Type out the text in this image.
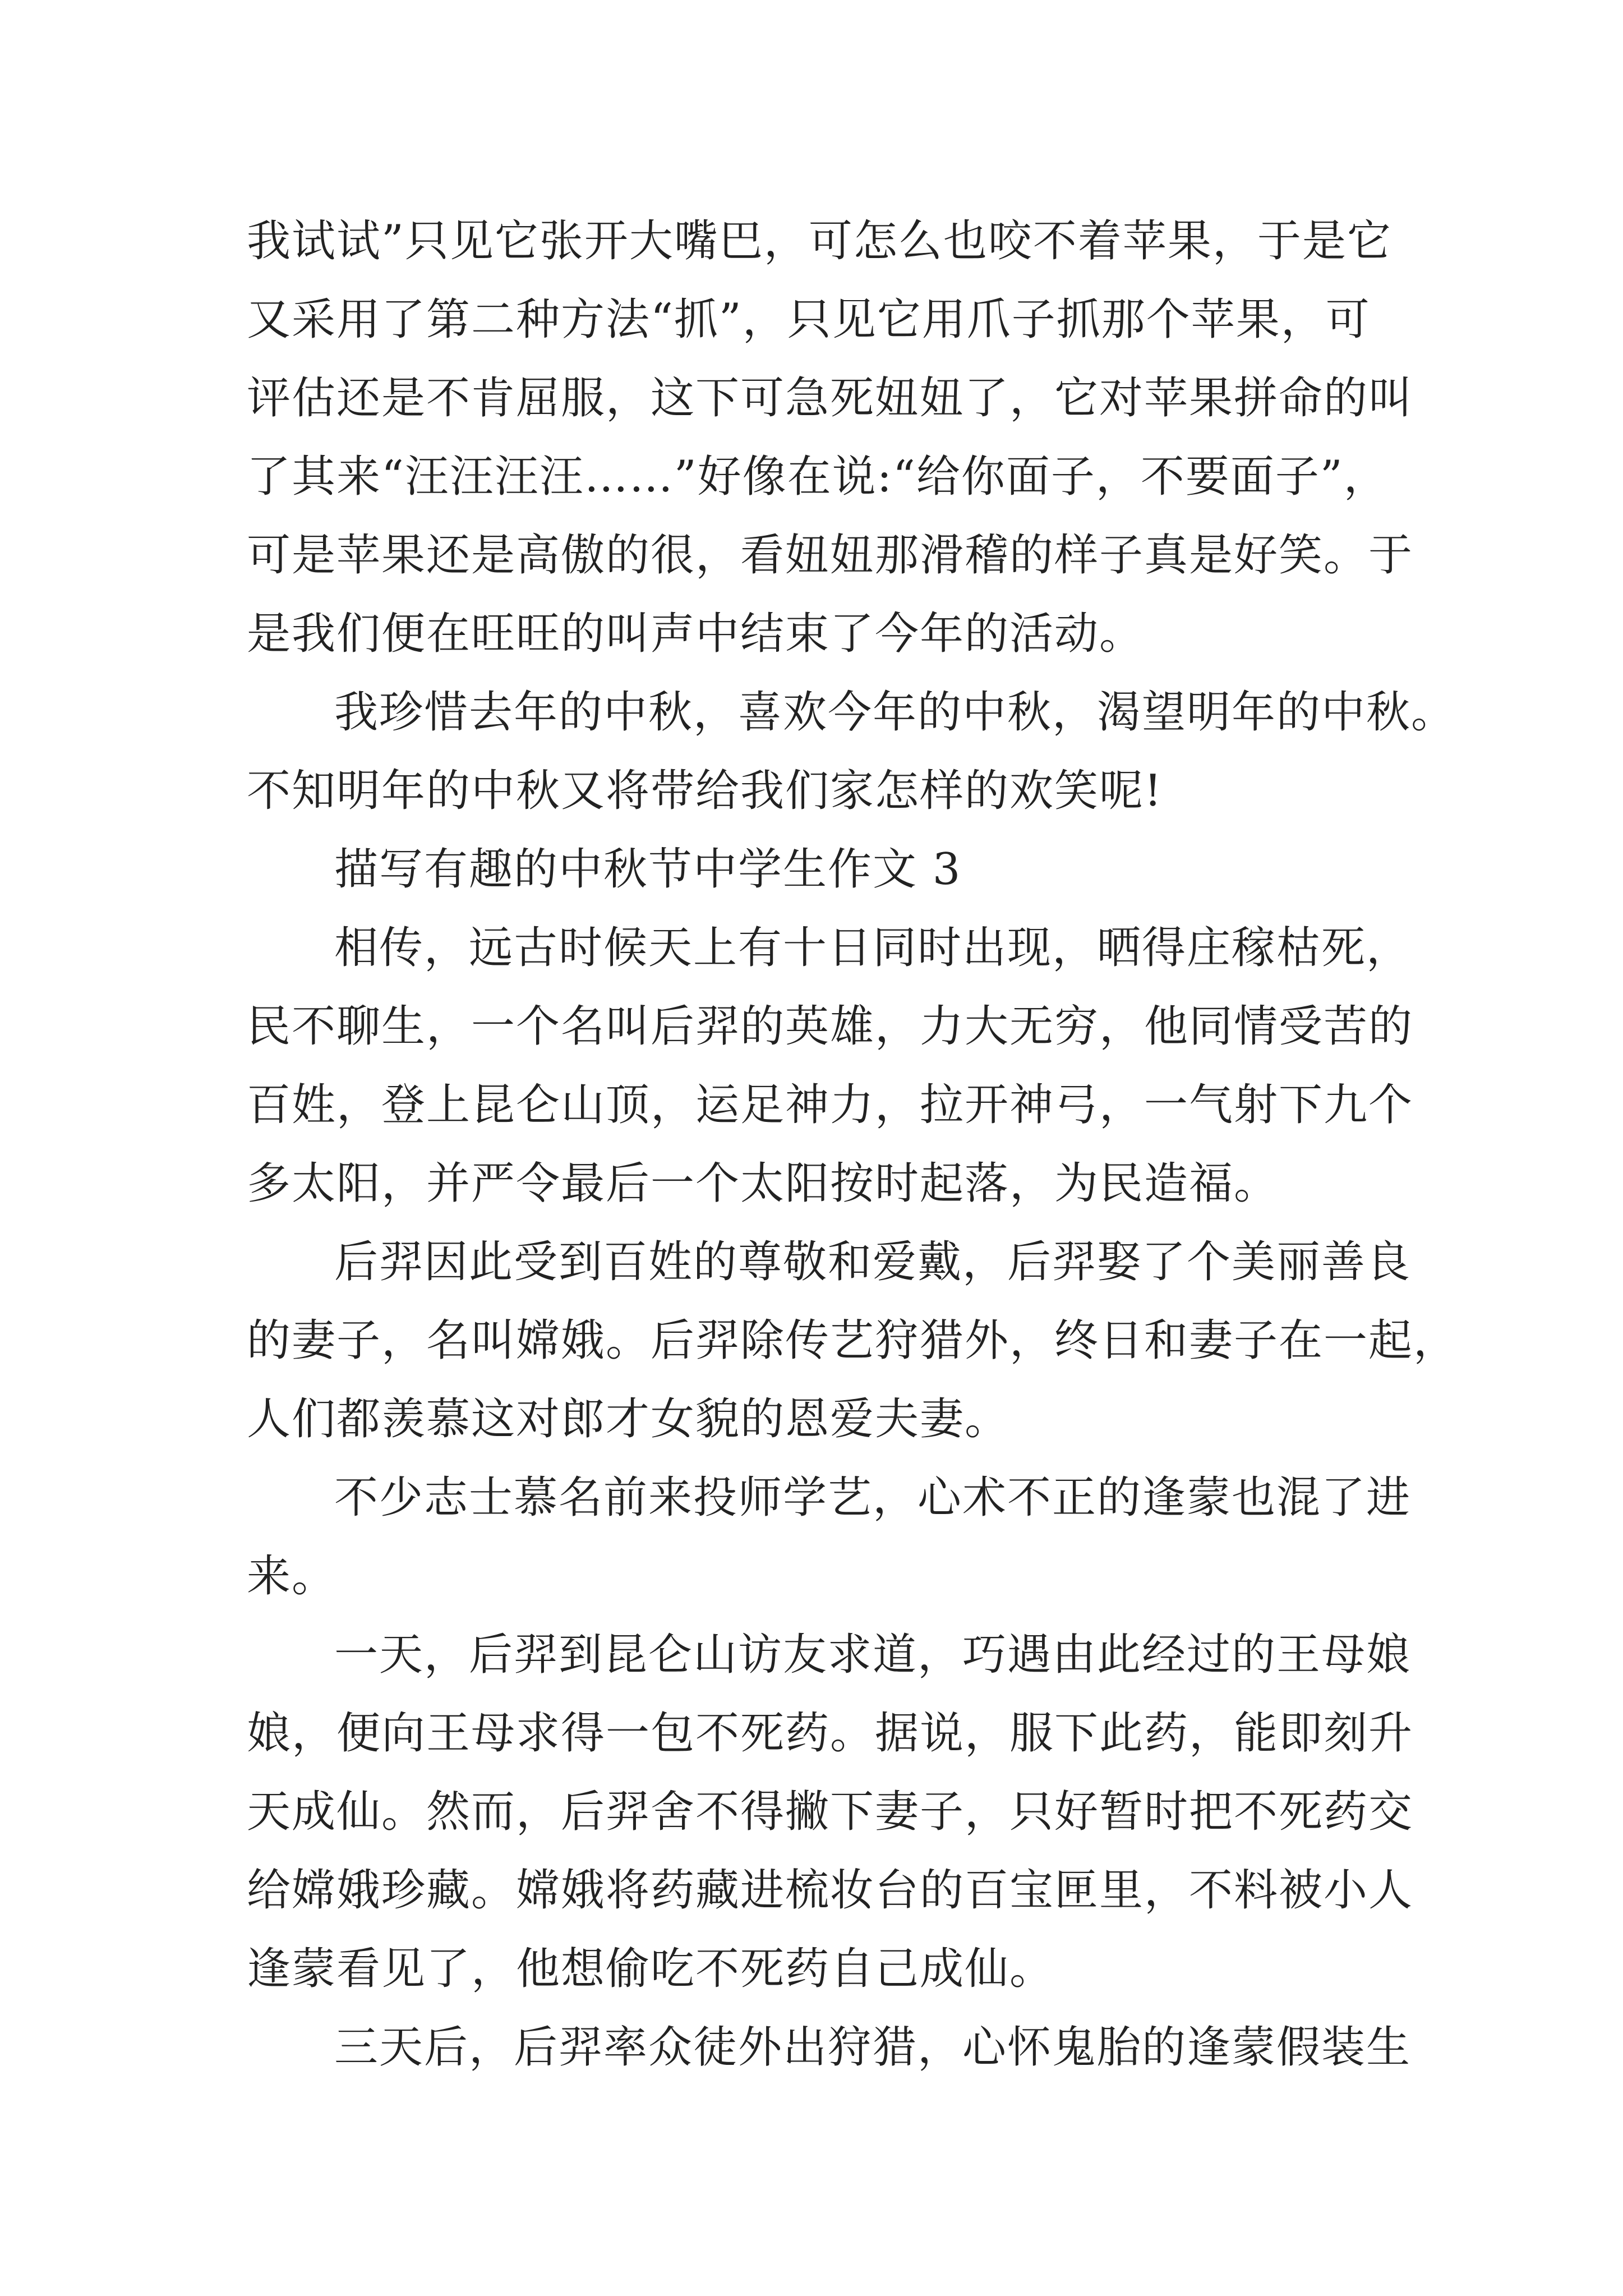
我试试”只见它张开大嘴巴，可怎么也咬不着苹果，于是它
又采用了第二种方法“抓”，只见它用爪子抓那个苹果，可
评估还是不肯屈服，这下可急死妞妞了，它对苹果拼命的叫
了其来“汪汪汪汪……”好像在说:“给你面子，不要面子”，
可是苹果还是高傲的很，看妞妞那滑稽的样子真是好笑。于
是我们便在旺旺的叫声中结束了今年的活动。
我珍惜去年的中秋，喜欢今年的中秋，渴望明年的中秋。
不知明年的中秋又将带给我们家怎样的欢笑呢!
描写有趣的中秋节中学生作文 3
相传，远古时候天上有十日同时出现，晒得庄稼枯死，
民不聊生，一个名叫后羿的英雄，力大无穷，他同情受苦的
百姓，登上昆仑山顶，运足神力，拉开神弓，一气射下九个
多太阳，并严令最后一个太阳按时起落，为民造福。
后羿因此受到百姓的尊敬和爱戴，后羿娶了个美丽善良
的妻子，名叫嫦娥。后羿除传艺狩猎外，终日和妻子在一起，
人们都羡慕这对郎才女貌的恩爱夫妻。
不少志士慕名前来投师学艺，心术不正的逢蒙也混了进
来。
一天，后羿到昆仑山访友求道，巧遇由此经过的王母娘
娘，便向王母求得一包不死药。据说，服下此药，能即刻升
天成仙。然而，后羿舍不得撇下妻子，只好暂时把不死药交
给嫦娥珍藏。嫦娥将药藏进梳妆台的百宝匣里，不料被小人
逢蒙看见了，他想偷吃不死药自己成仙。
三天后，后羿率众徒外出狩猎，心怀鬼胎的逢蒙假装生
